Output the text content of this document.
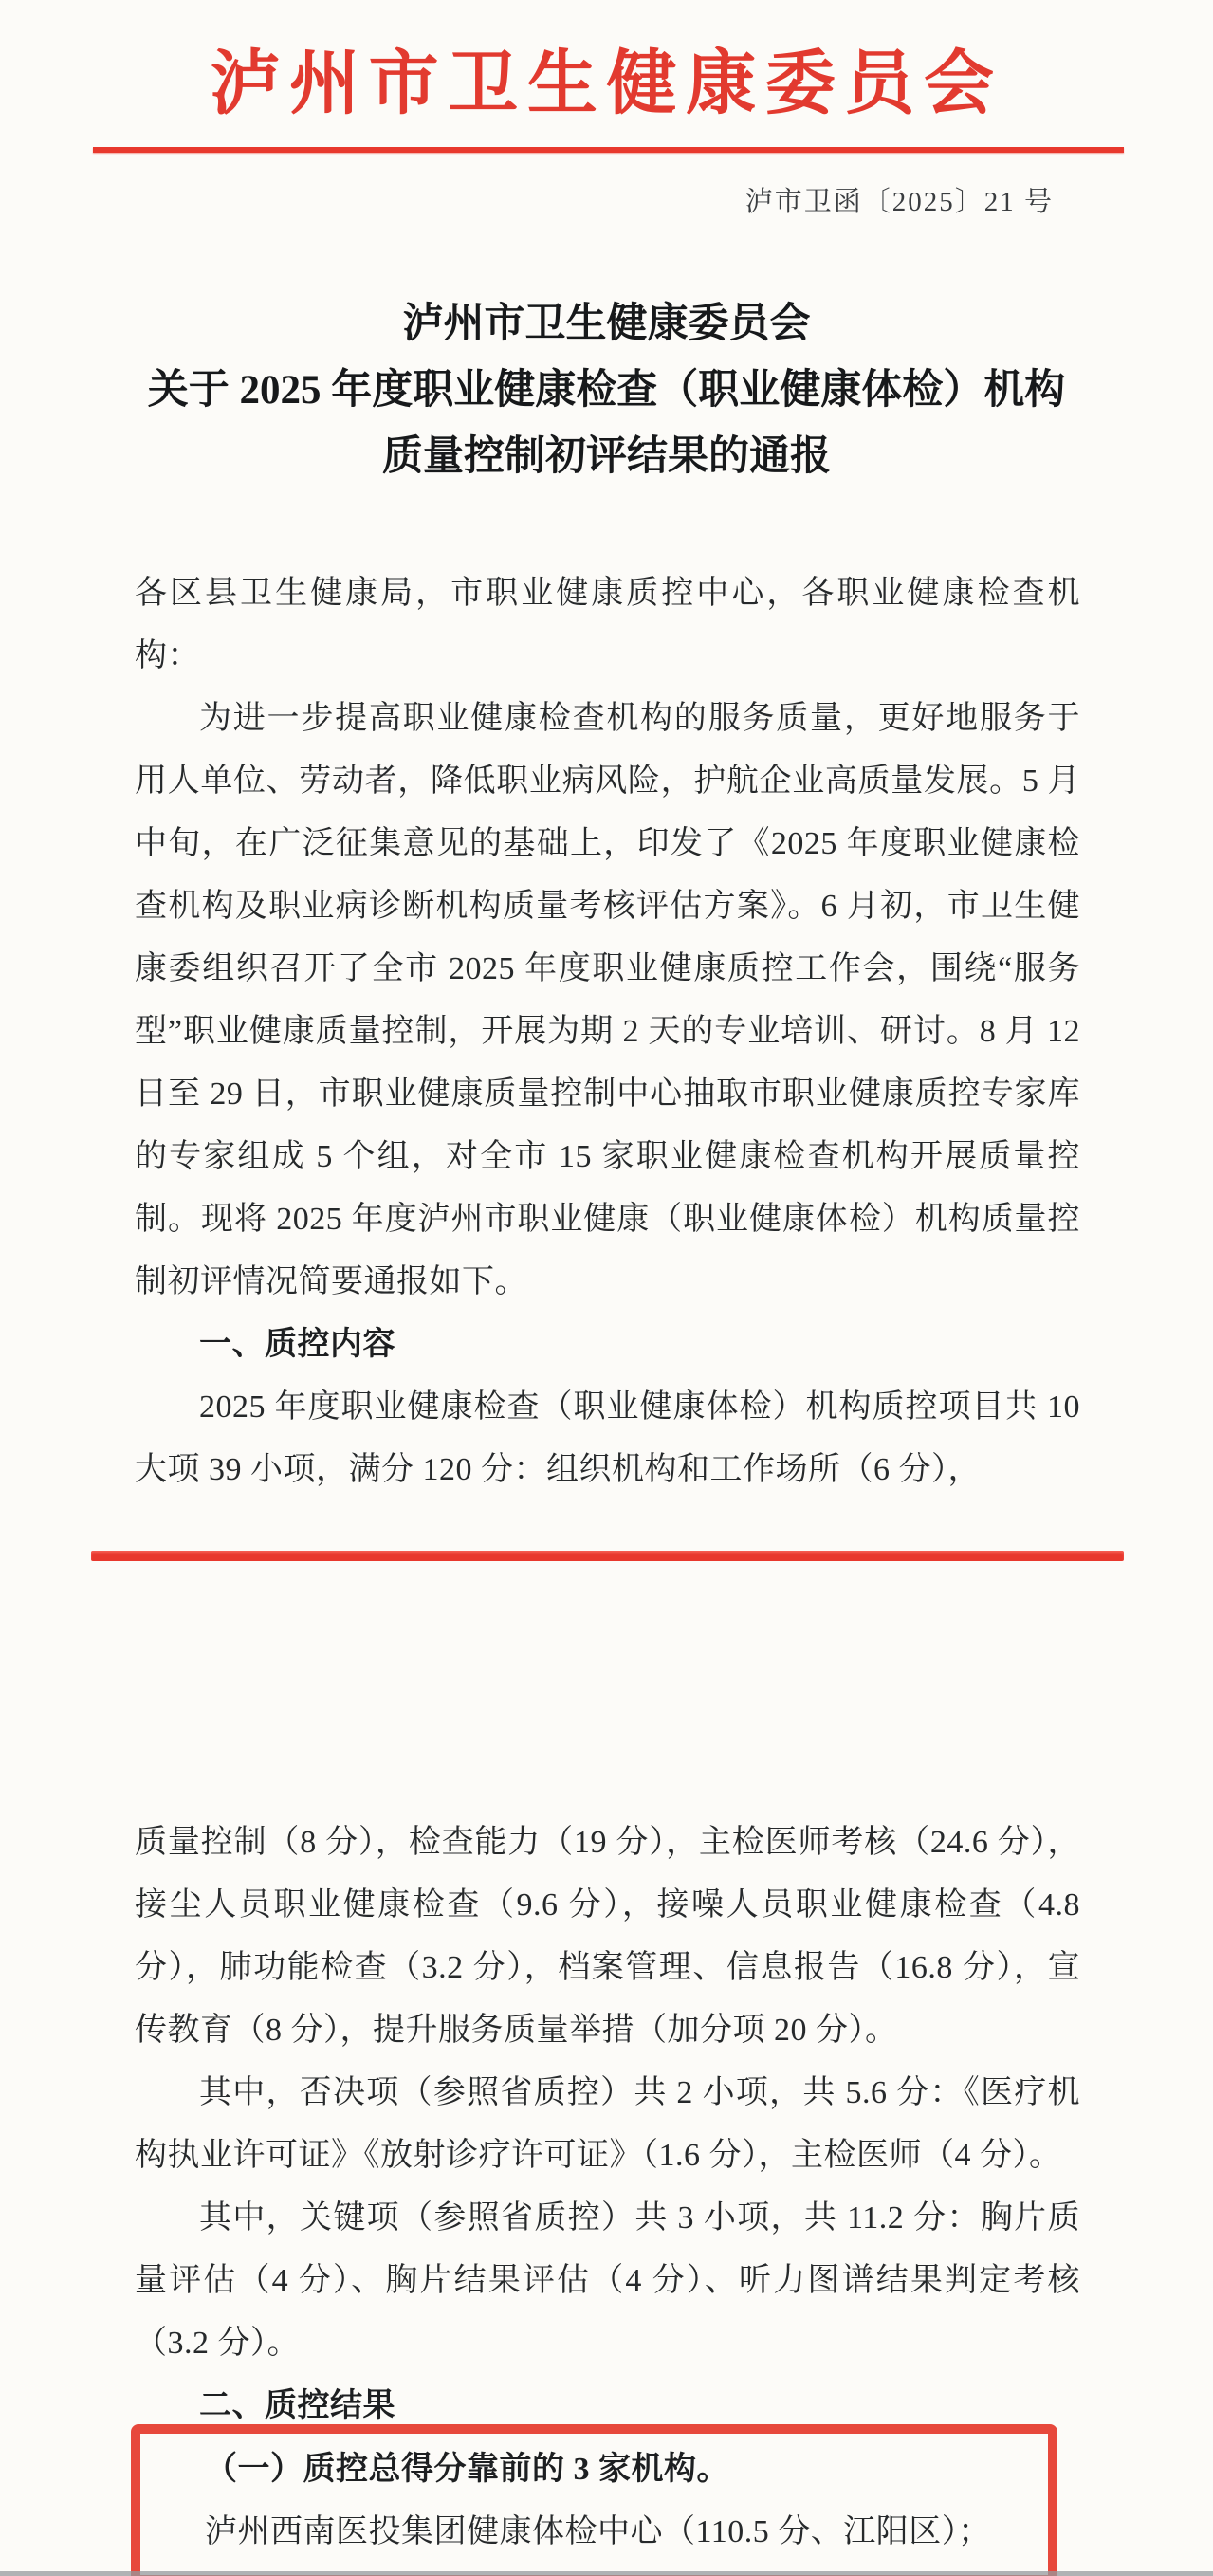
泸州市卫生健康委员会
泸市卫函〔2025〕21 号
泸州市卫生健康委员会
关于 2025 年度职业健康检查（职业健康体检）机构
质量控制初评结果的通报

各区县卫生健康局，市职业健康质控中心，各职业健康检查机构：

为进一步提高职业健康检查机构的服务质量，更好地服务于用人单位、劳动者，降低职业病风险，护航企业高质量发展。5 月中旬，在广泛征集意见的基础上，印发了《2025 年度职业健康检查机构及职业病诊断机构质量考核评估方案》。6 月初，市卫生健康委组织召开了全市 2025 年度职业健康质控工作会，围绕“服务型”职业健康质量控制，开展为期 2 天的专业培训、研讨。8 月 12 日至 29 日，市职业健康质量控制中心抽取市职业健康质控专家库的专家组成 5 个组，对全市 15 家职业健康检查机构开展质量控制。现将 2025 年度泸州市职业健康（职业健康体检）机构质量控制初评情况简要通报如下。

一、质控内容

2025 年度职业健康检查（职业健康体检）机构质控项目共 10 大项 39 小项，满分 120 分：组织机构和工作场所（6 分），

质量控制（8 分），检查能力（19 分），主检医师考核（24.6 分），接尘人员职业健康检查（9.6 分），接噪人员职业健康检查（4.8 分），肺功能检查（3.2 分），档案管理、信息报告（16.8 分），宣传教育（8 分），提升服务质量举措（加分项 20 分）。

其中，否决项（参照省质控）共 2 小项，共 5.6 分：《医疗机构执业许可证》《放射诊疗许可证》（1.6 分），主检医师（4 分）。

其中，关键项（参照省质控）共 3 小项，共 11.2 分：胸片质量评估（4 分）、胸片结果评估（4 分）、听力图谱结果判定考核（3.2 分）。

二、质控结果

（一）质控总得分靠前的 3 家机构。

泸州西南医投集团健康体检中心（110.5 分、江阳区）；
